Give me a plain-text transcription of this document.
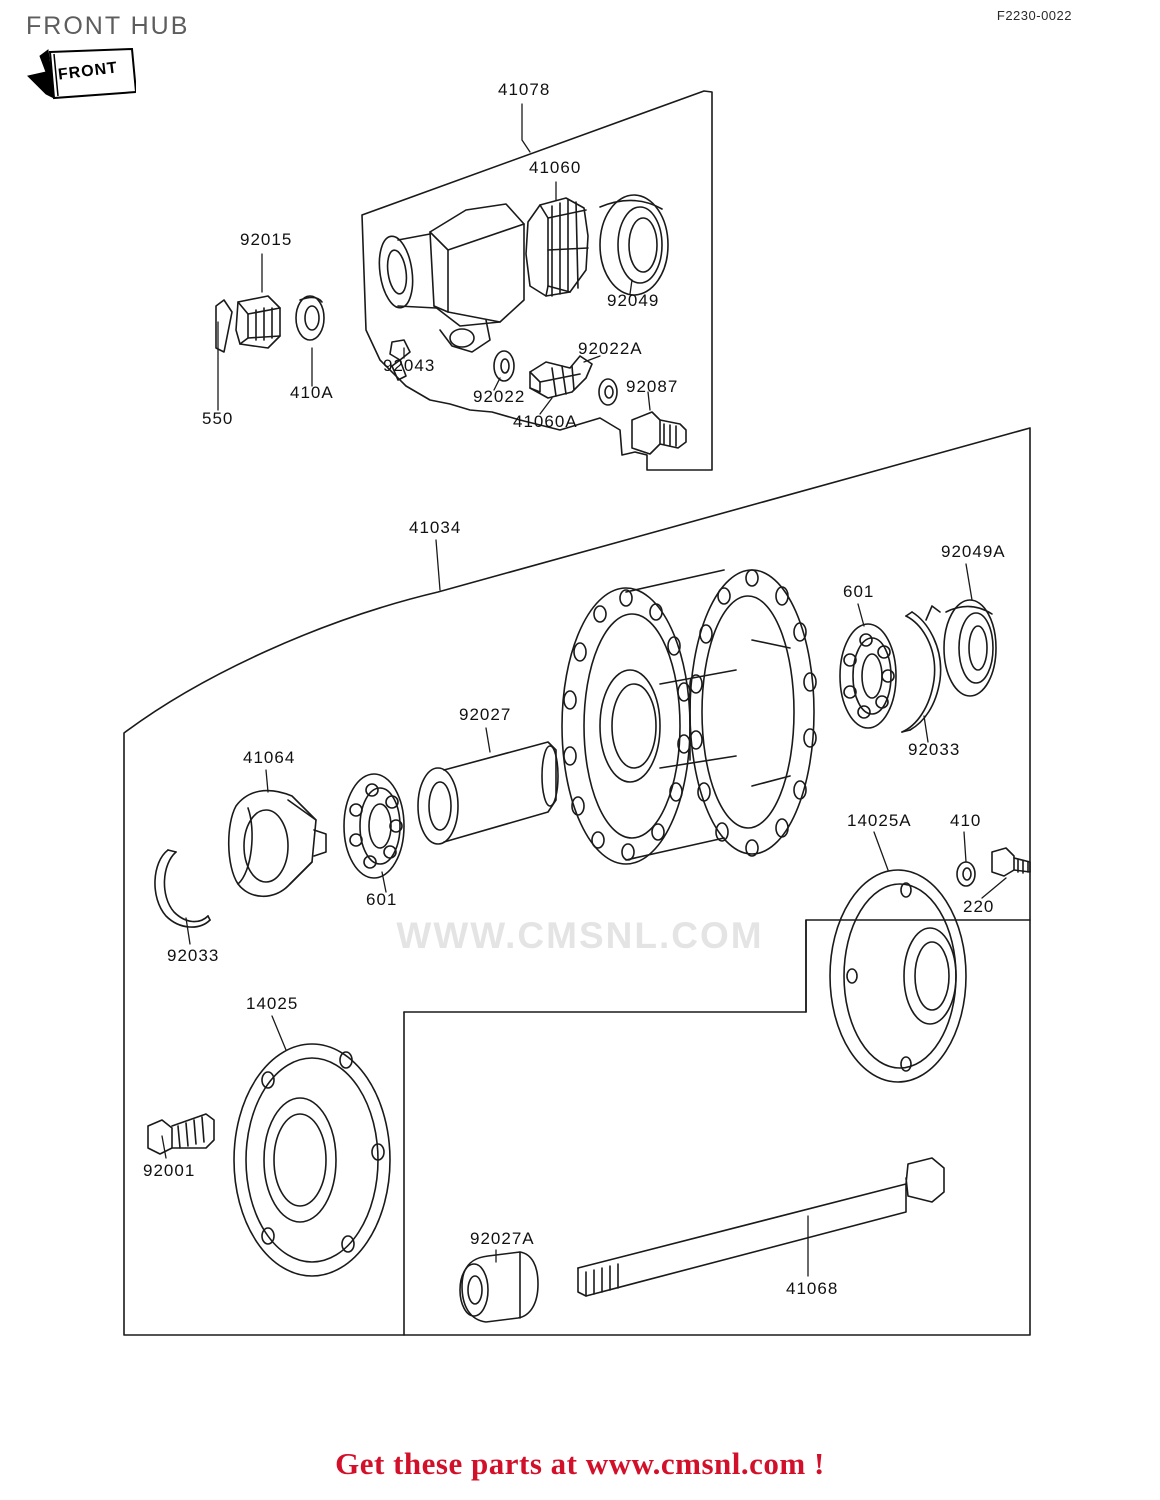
FRONT HUB	F2230-0022
FRONT
41078
41060
92015
92049
92043
92022A
410A	92022
92087
550	41060A
41034
92049A
601
92027
92033
41064
14025A 410
601	220
92033
14025
92001
92027A
41068
WWW.CMSNL.COM
Get these parts at www.cmsnl.com !
